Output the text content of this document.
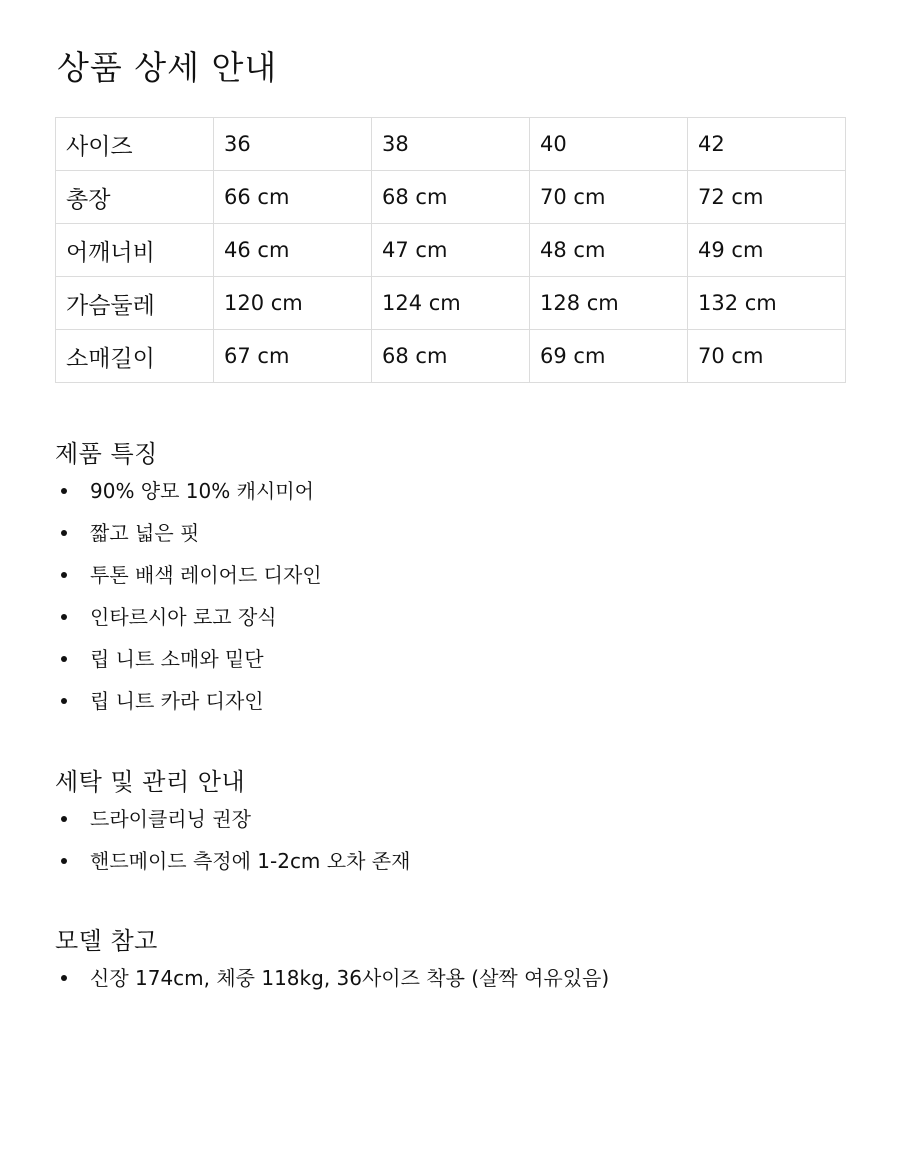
상품 상세 안내
사이즈	36	38	40	42
총장	66 cm	68 cm	70 cm	72 cm
어깨너비	46 cm	47 cm	48 cm	49 cm
가슴둘레	120 cm	124 cm	128 cm	132 cm
소매길이	67 cm	68 cm	69 cm	70 cm
제품 특징
90% 양모 10% 캐시미어
짧고 넓은 핏
투톤 배색 레이어드 디자인
인타르시아 로고 장식
립 니트 소매와 밑단
립 니트 카라 디자인
세탁 및 관리 안내
드라이클리닝 권장
핸드메이드 측정에 1-2cm 오차 존재
모델 참고
신장 174cm, 체중 118kg, 36사이즈 착용 (살짝 여유있음)
